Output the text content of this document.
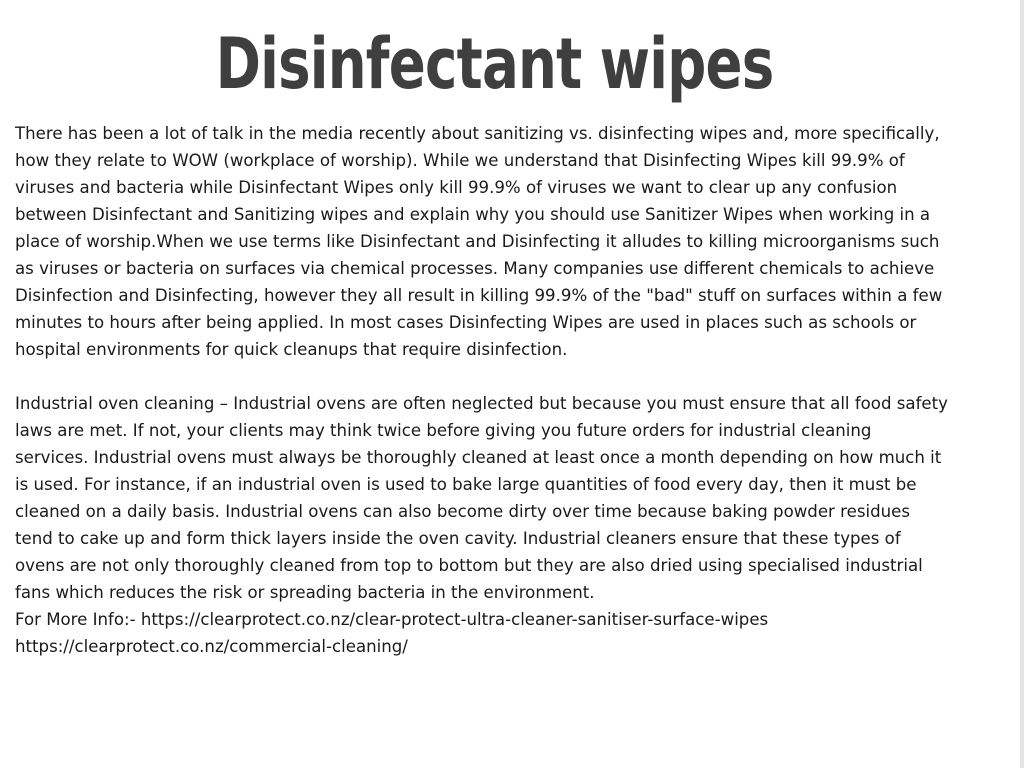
Disinfectant wipes

There has been a lot of talk in the media recently about sanitizing vs. disinfecting wipes and, more specifically, how they relate to WOW (workplace of worship). While we understand that Disinfecting Wipes kill 99.9% of viruses and bacteria while Disinfectant Wipes only kill 99.9% of viruses we want to clear up any confusion between Disinfectant and Sanitizing wipes and explain why you should use Sanitizer Wipes when working in a place of worship.When we use terms like Disinfectant and Disinfecting it alludes to killing microorganisms such as viruses or bacteria on surfaces via chemical processes. Many companies use different chemicals to achieve Disinfection and Disinfecting, however they all result in killing 99.9% of the "bad" stuff on surfaces within a few minutes to hours after being applied. In most cases Disinfecting Wipes are used in places such as schools or hospital environments for quick cleanups that require disinfection.

Industrial oven cleaning – Industrial ovens are often neglected but because you must ensure that all food safety laws are met. If not, your clients may think twice before giving you future orders for industrial cleaning services. Industrial ovens must always be thoroughly cleaned at least once a month depending on how much it is used. For instance, if an industrial oven is used to bake large quantities of food every day, then it must be cleaned on a daily basis. Industrial ovens can also become dirty over time because baking powder residues tend to cake up and form thick layers inside the oven cavity. Industrial cleaners ensure that these types of ovens are not only thoroughly cleaned from top to bottom but they are also dried using specialised industrial fans which reduces the risk or spreading bacteria in the environment.

For More Info:- https://clearprotect.co.nz/clear-protect-ultra-cleaner-sanitiser-surface-wipes
https://clearprotect.co.nz/commercial-cleaning/
